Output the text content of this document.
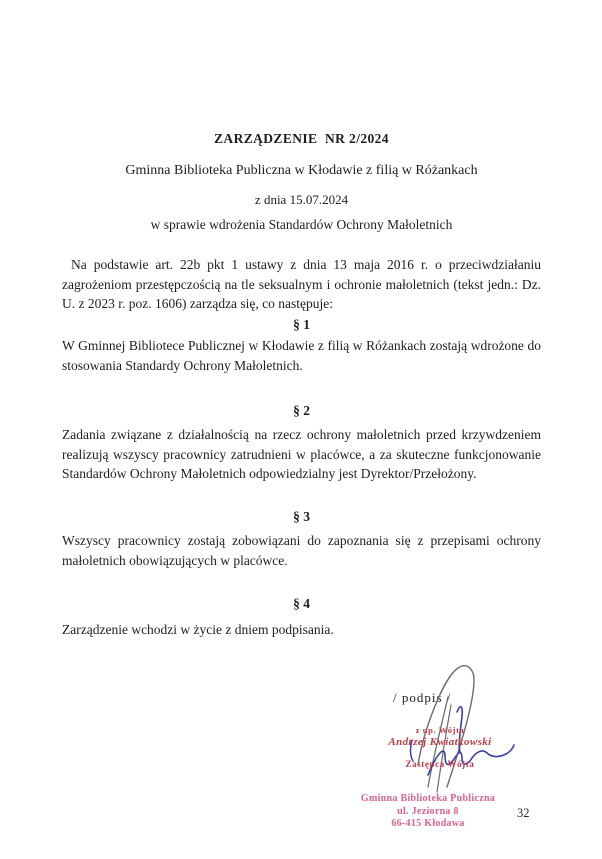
ZARZĄDZENIE  NR 2/2024
Gminna Biblioteka Publiczna w Kłodawie z filią w Różankach
z dnia 15.07.2024
w sprawie wdrożenia Standardów Ochrony Małoletnich
Na podstawie art. 22b pkt 1 ustawy z dnia 13 maja 2016 r. o przeciwdziałaniu zagrożeniom przestępczością na tle seksualnym i ochronie małoletnich (tekst jedn.: Dz. U. z 2023 r. poz. 1606) zarządza się, co następuje:
§ 1
W Gminnej Bibliotece Publicznej w Kłodawie z filią w Różankach zostają wdrożone do stosowania Standardy Ochrony Małoletnich.
§ 2
Zadania związane z działalnością na rzecz ochrony małoletnich przed krzywdzeniem realizują wszyscy pracownicy zatrudnieni w placówce, a za skuteczne funkcjonowanie Standardów Ochrony Małoletnich odpowiedzialny jest Dyrektor/Przełożony.
§ 3
Wszyscy pracownicy zostają zobowiązani do zapoznania się z przepisami ochrony małoletnich obowiązujących w placówce.
§ 4
Zarządzenie wchodzi w życie z dniem podpisania.
/ podpis /
z up. Wójta
Andrzej Kwiatkowski
Zastępca Wójta
Gminna Biblioteka Publiczna
ul. Jeziorna 8
66-415 Kłodawa
32
